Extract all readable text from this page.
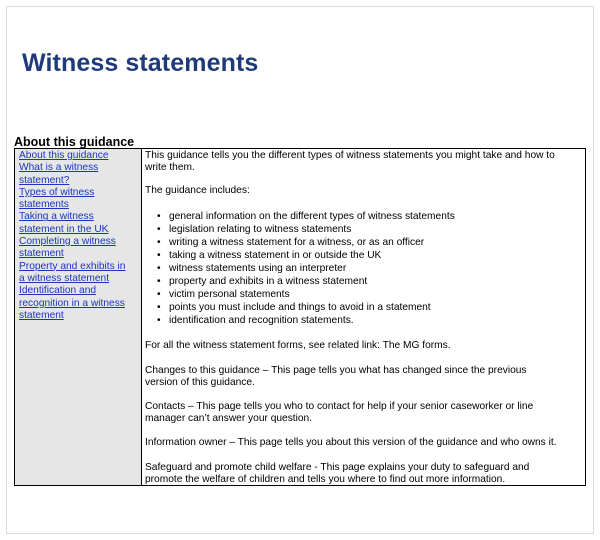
Witness statements
About this guidance
About this guidance
What is a witness
statement?
Types of witness
statements
Taking a witness
statement in the UK
Completing a witness
statement
Property and exhibits in
a witness statement
Identification and
recognition in a witness
statement
This guidance tells you the different types of witness statements you might take and how to
write them.
The guidance includes:
• general information on the different types of witness statements
• legislation relating to witness statements
• writing a witness statement for a witness, or as an officer
• taking a witness statement in or outside the UK
• witness statements using an interpreter
• property and exhibits in a witness statement
• victim personal statements
• points you must include and things to avoid in a statement
• identification and recognition statements.
For all the witness statement forms, see related link: The MG forms.
Changes to this guidance – This page tells you what has changed since the previous
version of this guidance.
Contacts – This page tells you who to contact for help if your senior caseworker or line
manager can’t answer your question.
Information owner – This page tells you about this version of the guidance and who owns it.
Safeguard and promote child welfare - This page explains your duty to safeguard and
promote the welfare of children and tells you where to find out more information.
